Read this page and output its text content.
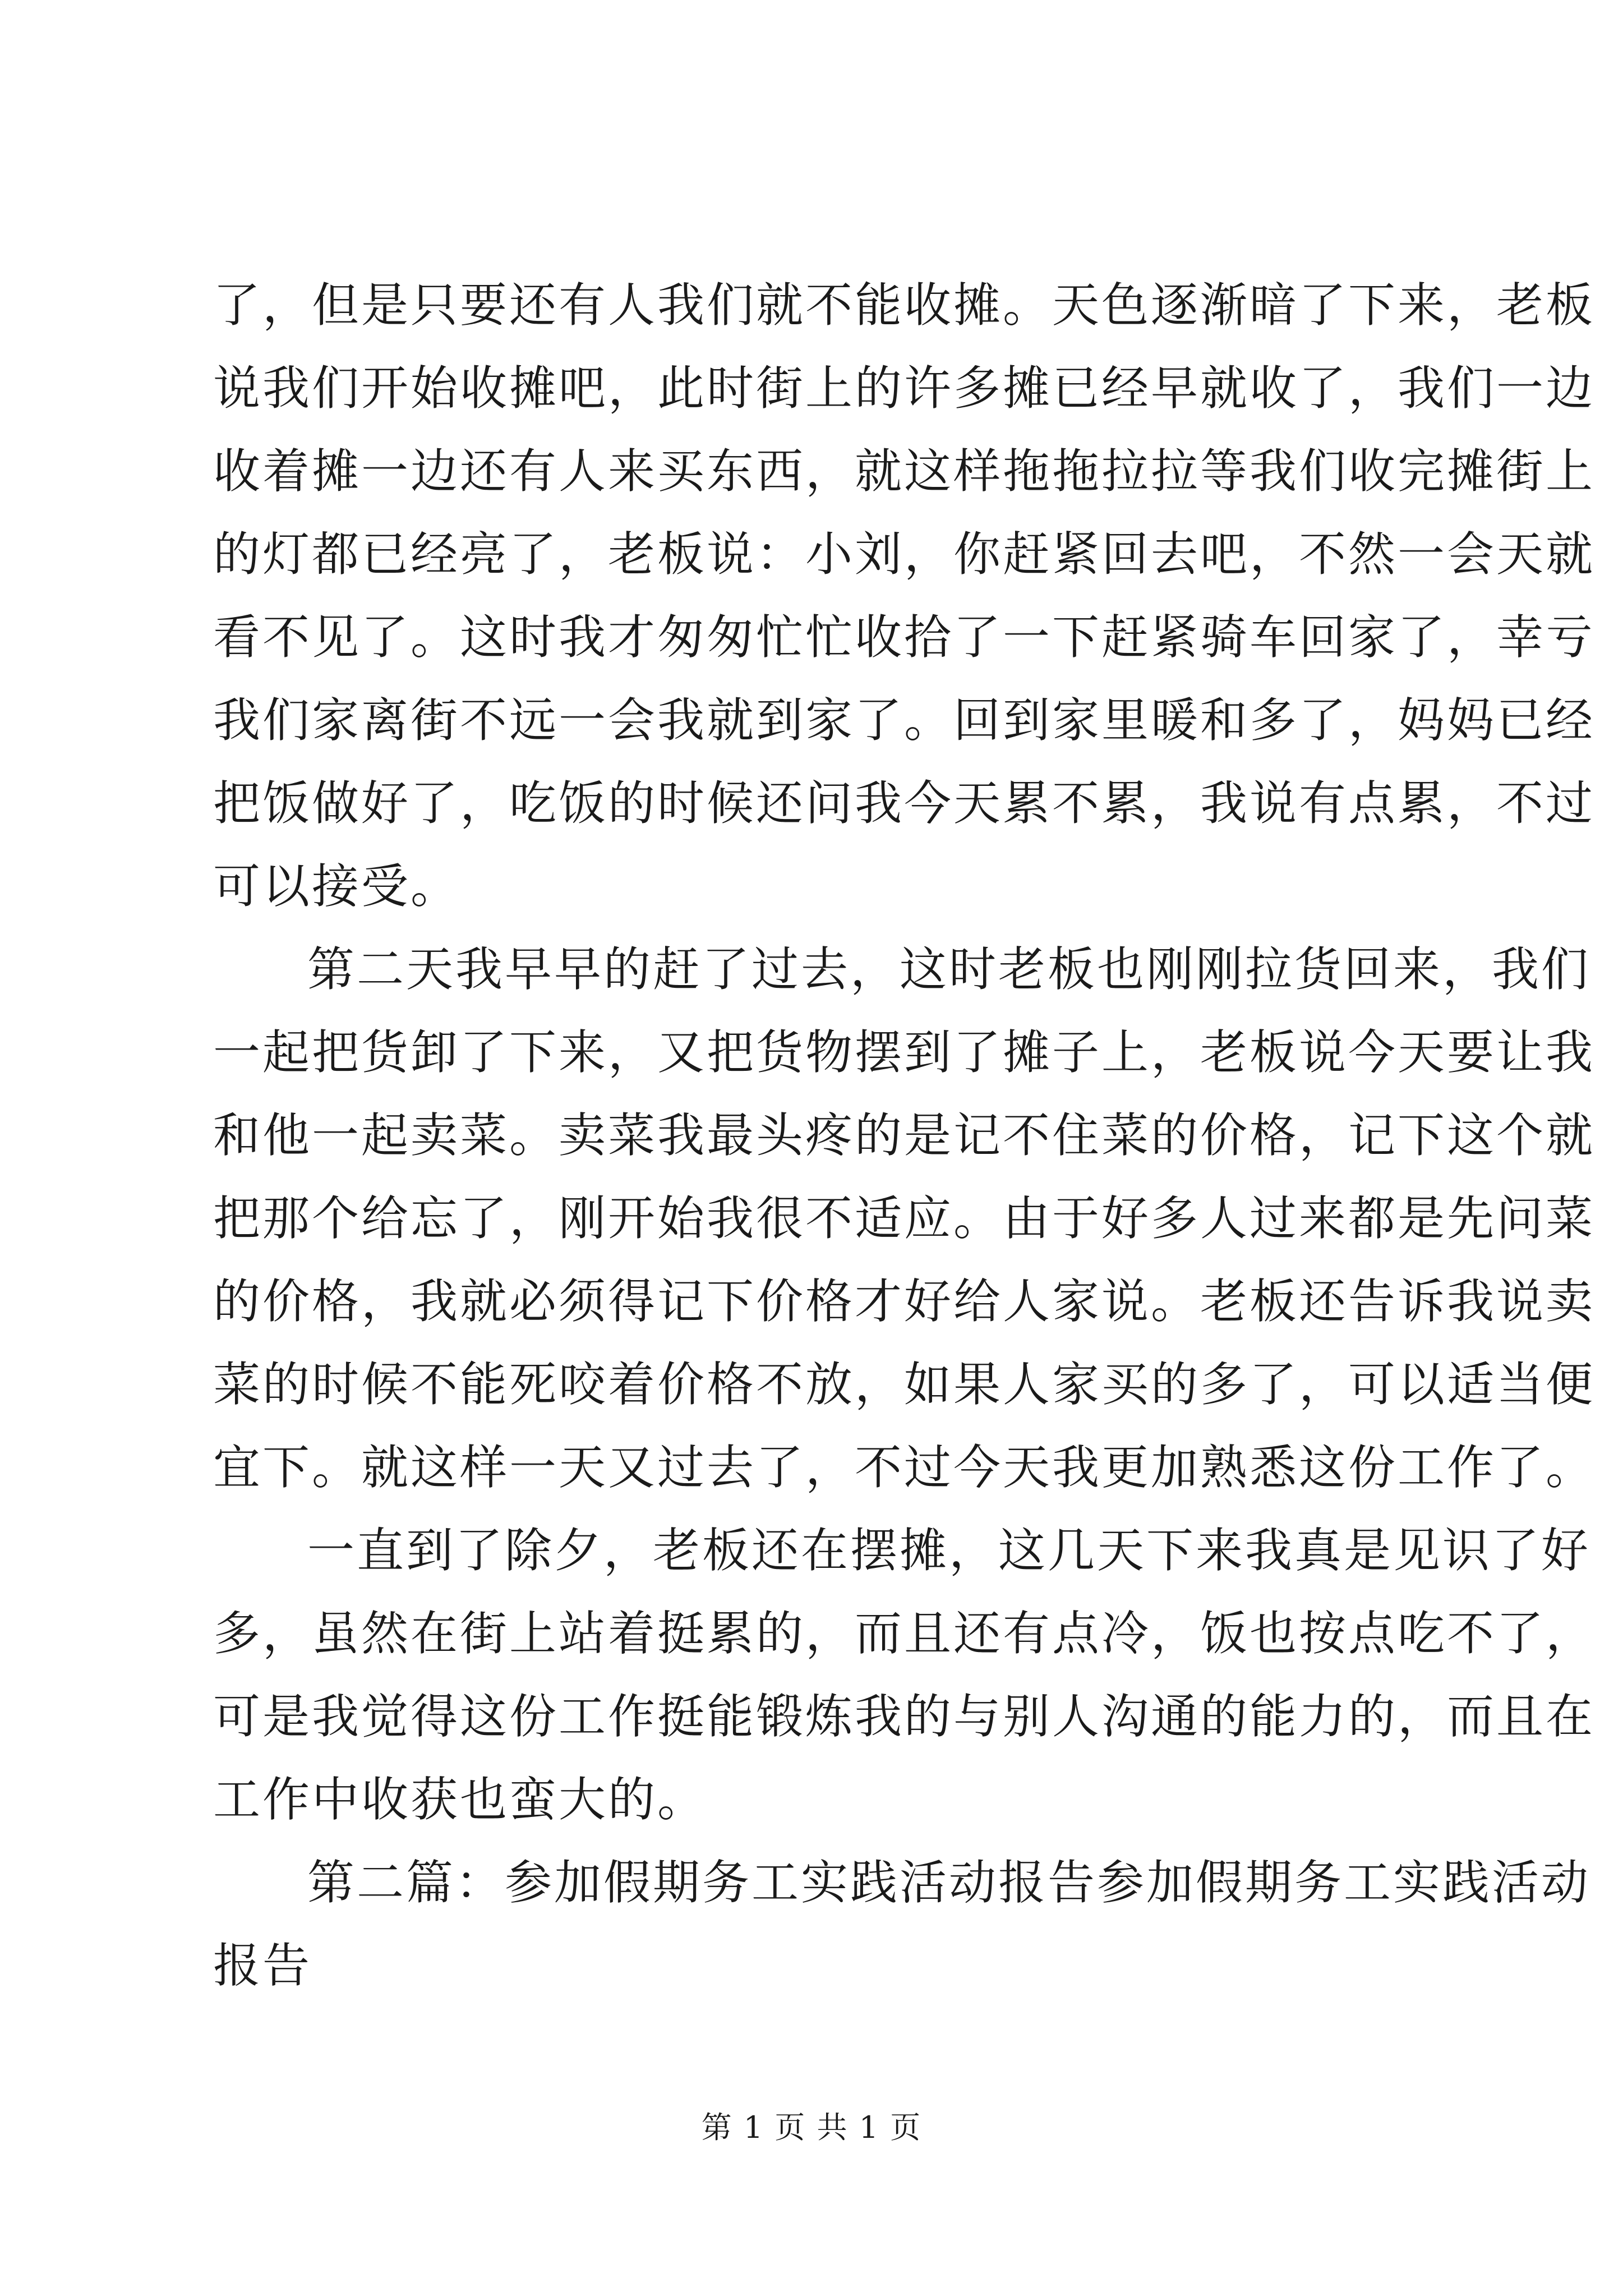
了，但是只要还有人我们就不能收摊。天色逐渐暗了下来，老板
说我们开始收摊吧，此时街上的许多摊已经早就收了，我们一边
收着摊一边还有人来买东西，就这样拖拖拉拉等我们收完摊街上
的灯都已经亮了，老板说：小刘，你赶紧回去吧，不然一会天就
看不见了。这时我才匆匆忙忙收拾了一下赶紧骑车回家了，幸亏
我们家离街不远一会我就到家了。回到家里暖和多了，妈妈已经
把饭做好了，吃饭的时候还问我今天累不累，我说有点累，不过
可以接受。
第二天我早早的赶了过去，这时老板也刚刚拉货回来，我们
一起把货卸了下来，又把货物摆到了摊子上，老板说今天要让我
和他一起卖菜。卖菜我最头疼的是记不住菜的价格，记下这个就
把那个给忘了，刚开始我很不适应。由于好多人过来都是先问菜
的价格，我就必须得记下价格才好给人家说。老板还告诉我说卖
菜的时候不能死咬着价格不放，如果人家买的多了，可以适当便
宜下。就这样一天又过去了，不过今天我更加熟悉这份工作了。
一直到了除夕，老板还在摆摊，这几天下来我真是见识了好
多，虽然在街上站着挺累的，而且还有点冷，饭也按点吃不了，
可是我觉得这份工作挺能锻炼我的与别人沟通的能力的，而且在
工作中收获也蛮大的。
第二篇：参加假期务工实践活动报告参加假期务工实践活动
报告
第 1 页 共 1 页
